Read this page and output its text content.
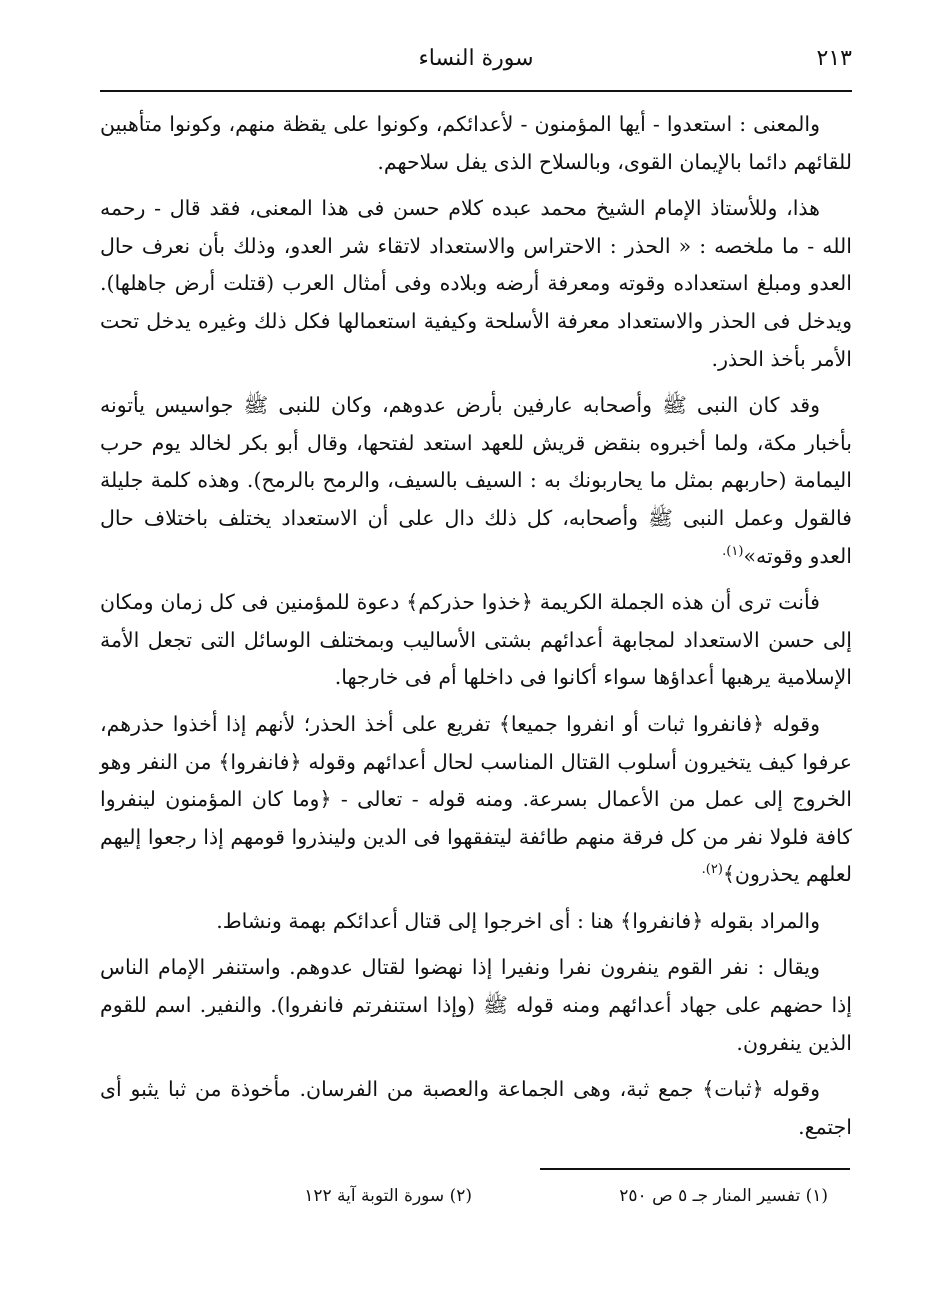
٢١٣
سورة النساء

والمعنى : استعدوا - أيها المؤمنون - لأعدائكم، وكونوا على يقظة منهم، وكونوا متأهبين للقائهم دائما بالإيمان القوى، وبالسلاح الذى يفل سلاحهم.

هذا، وللأستاذ الإمام الشيخ محمد عبده كلام حسن فى هذا المعنى، فقد قال - رحمه الله - ما ملخصه : « الحذر : الاحتراس والاستعداد لاتقاء شر العدو، وذلك بأن نعرف حال العدو ومبلغ استعداده وقوته ومعرفة أرضه وبلاده وفى أمثال العرب (قتلت أرض جاهلها). ويدخل فى الحذر والاستعداد معرفة الأسلحة وكيفية استعمالها فكل ذلك وغيره يدخل تحت الأمر بأخذ الحذر.

وقد كان النبى ﷺ وأصحابه عارفين بأرض عدوهم، وكان للنبى ﷺ جواسيس يأتونه بأخبار مكة، ولما أخبروه بنقض قريش للعهد استعد لفتحها، وقال أبو بكر لخالد يوم حرب اليمامة (حاربهم بمثل ما يحاربونك به : السيف بالسيف، والرمح بالرمح). وهذه كلمة جليلة فالقول وعمل النبى ﷺ وأصحابه، كل ذلك دال على أن الاستعداد يختلف باختلاف حال العدو وقوته»$^{(١).}$

فأنت ترى أن هذه الجملة الكريمة ﴿خذوا حذركم﴾ دعوة للمؤمنين فى كل زمان ومكان إلى حسن الاستعداد لمجابهة أعدائهم بشتى الأساليب وبمختلف الوسائل التى تجعل الأمة الإسلامية يرهبها أعداؤها سواء أكانوا فى داخلها أم فى خارجها.

وقوله ﴿فانفروا ثبات أو انفروا جميعا﴾ تفريع على أخذ الحذر؛ لأنهم إذا أخذوا حذرهم، عرفوا كيف يتخيرون أسلوب القتال المناسب لحال أعدائهم وقوله ﴿فانفروا﴾ من النفر وهو الخروج إلى عمل من الأعمال بسرعة. ومنه قوله - تعالى - ﴿وما كان المؤمنون لينفروا كافة فلولا نفر من كل فرقة منهم طائفة ليتفقهوا فى الدين ولينذروا قومهم إذا رجعوا إليهم لعلهم يحذرون﴾$^{(٢).}$

والمراد بقوله ﴿فانفروا﴾ هنا : أى اخرجوا إلى قتال أعدائكم بهمة ونشاط.

ويقال : نفر القوم ينفرون نفرا ونفيرا إذا نهضوا لقتال عدوهم. واستنفر الإمام الناس إذا حضهم على جهاد أعدائهم ومنه قوله ﷺ (وإذا استنفرتم فانفروا). والنفير. اسم للقوم الذين ينفرون.

وقوله ﴿ثبات﴾ جمع ثبة، وهى الجماعة والعصبة من الفرسان. مأخوذة من ثبا يثبو أى اجتمع.

(١) تفسير المنار جـ ٥ ص ٢٥٠
(٢) سورة التوبة آية ١٢٢
